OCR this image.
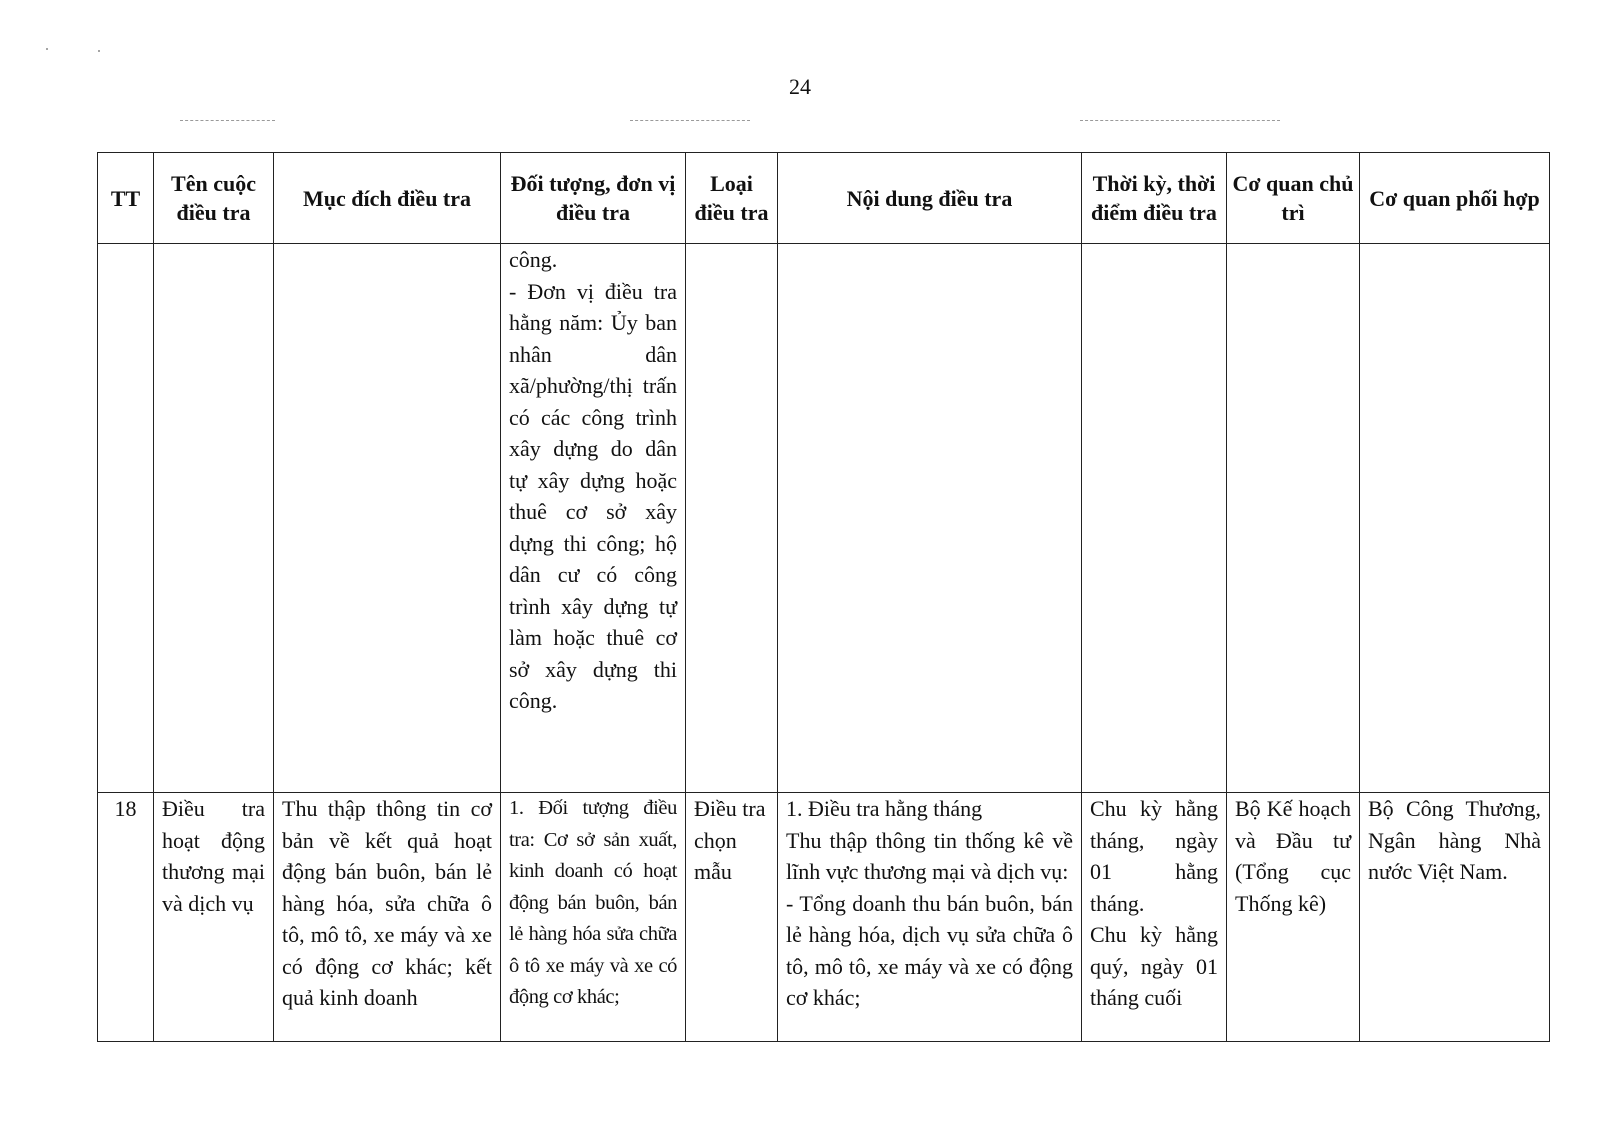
24
TT	Tên cuộc điều tra	Mục đích điều tra	Đối tượng, đơn vị điều tra	Loại điều tra	Nội dung điều tra	Thời kỳ, thời điểm điều tra	Cơ quan chủ trì	Cơ quan phối hợp

			công.
- Đơn vị điều tra hằng năm: Ủy ban nhân dân xã/phường/thị trấn có các công trình xây dựng do dân tự xây dựng hoặc thuê cơ sở xây dựng thi công; hộ dân cư có công trình xây dựng tự làm hoặc thuê cơ sở xây dựng thi công.					

18	Điều tra hoạt động thương mại và dịch vụ	Thu thập thông tin cơ bản về kết quả hoạt động bán buôn, bán lẻ hàng hóa, sửa chữa ô tô, mô tô, xe máy và xe có động cơ khác; kết quả kinh doanh	1. Đối tượng điều tra: Cơ sở sản xuất, kinh doanh có hoạt động bán buôn, bán lẻ hàng hóa sửa chữa ô tô xe máy và xe có động cơ khác;	Điều tra chọn mẫu	1. Điều tra hằng tháng
Thu thập thông tin thống kê về lĩnh vực thương mại và dịch vụ:
- Tổng doanh thu bán buôn, bán lẻ hàng hóa, dịch vụ sửa chữa ô tô, mô tô, xe máy và xe có động cơ khác;	Chu kỳ hằng tháng, ngày 01 hằng tháng.
Chu kỳ hằng quý, ngày 01 tháng cuối	Bộ Kế hoạch và Đầu tư (Tổng cục Thống kê)	Bộ Công Thương, Ngân hàng Nhà nước Việt Nam.
